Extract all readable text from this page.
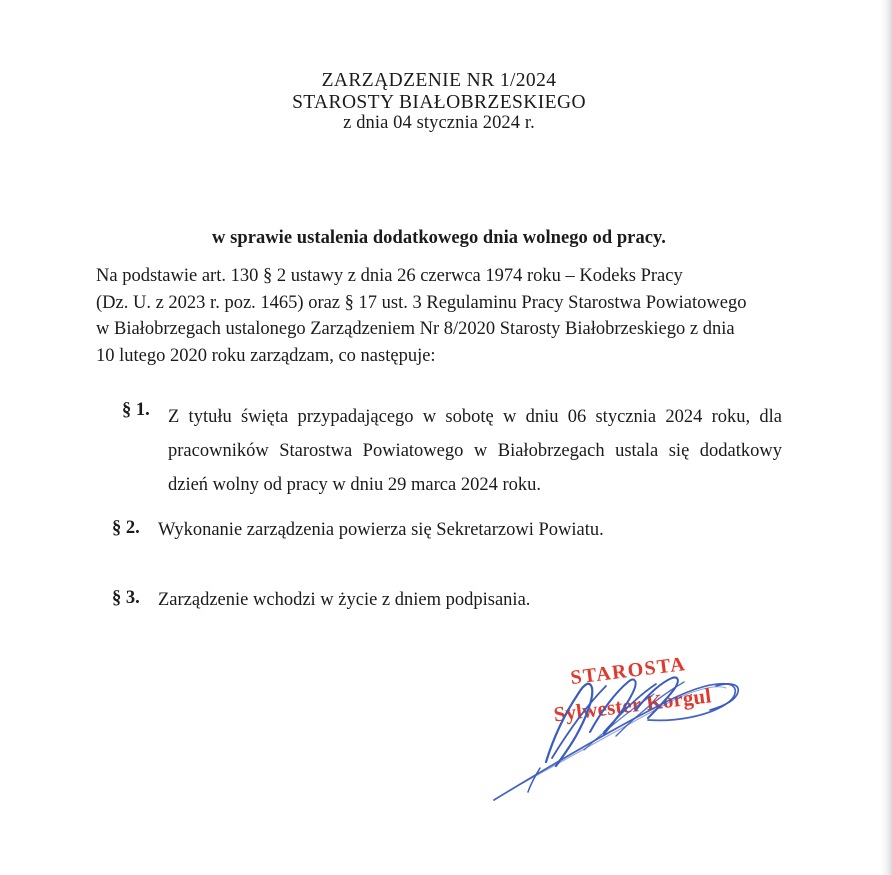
ZARZĄDZENIE NR 1/2024
STAROSTY BIAŁOBRZESKIEGO
z dnia 04 stycznia 2024 r.
w sprawie ustalenia dodatkowego dnia wolnego od pracy.
Na podstawie art. 130 § 2 ustawy z dnia 26 czerwca 1974 roku – Kodeks Pracy
(Dz. U. z 2023 r. poz. 1465) oraz § 17 ust. 3 Regulaminu Pracy Starostwa Powiatowego
w Białobrzegach ustalonego Zarządzeniem Nr 8/2020 Starosty Białobrzeskiego z dnia
10 lutego 2020 roku zarządzam, co następuje:
§ 1. Z tytułu święta przypadającego w sobotę w dniu 06 stycznia 2024 roku, dla pracowników Starostwa Powiatowego w Białobrzegach ustala się dodatkowy dzień wolny od pracy w dniu 29 marca 2024 roku.
§ 2. Wykonanie zarządzenia powierza się Sekretarzowi Powiatu.
§ 3. Zarządzenie wchodzi w życie z dniem podpisania.
STAROSTA
Sylwester Korgul
